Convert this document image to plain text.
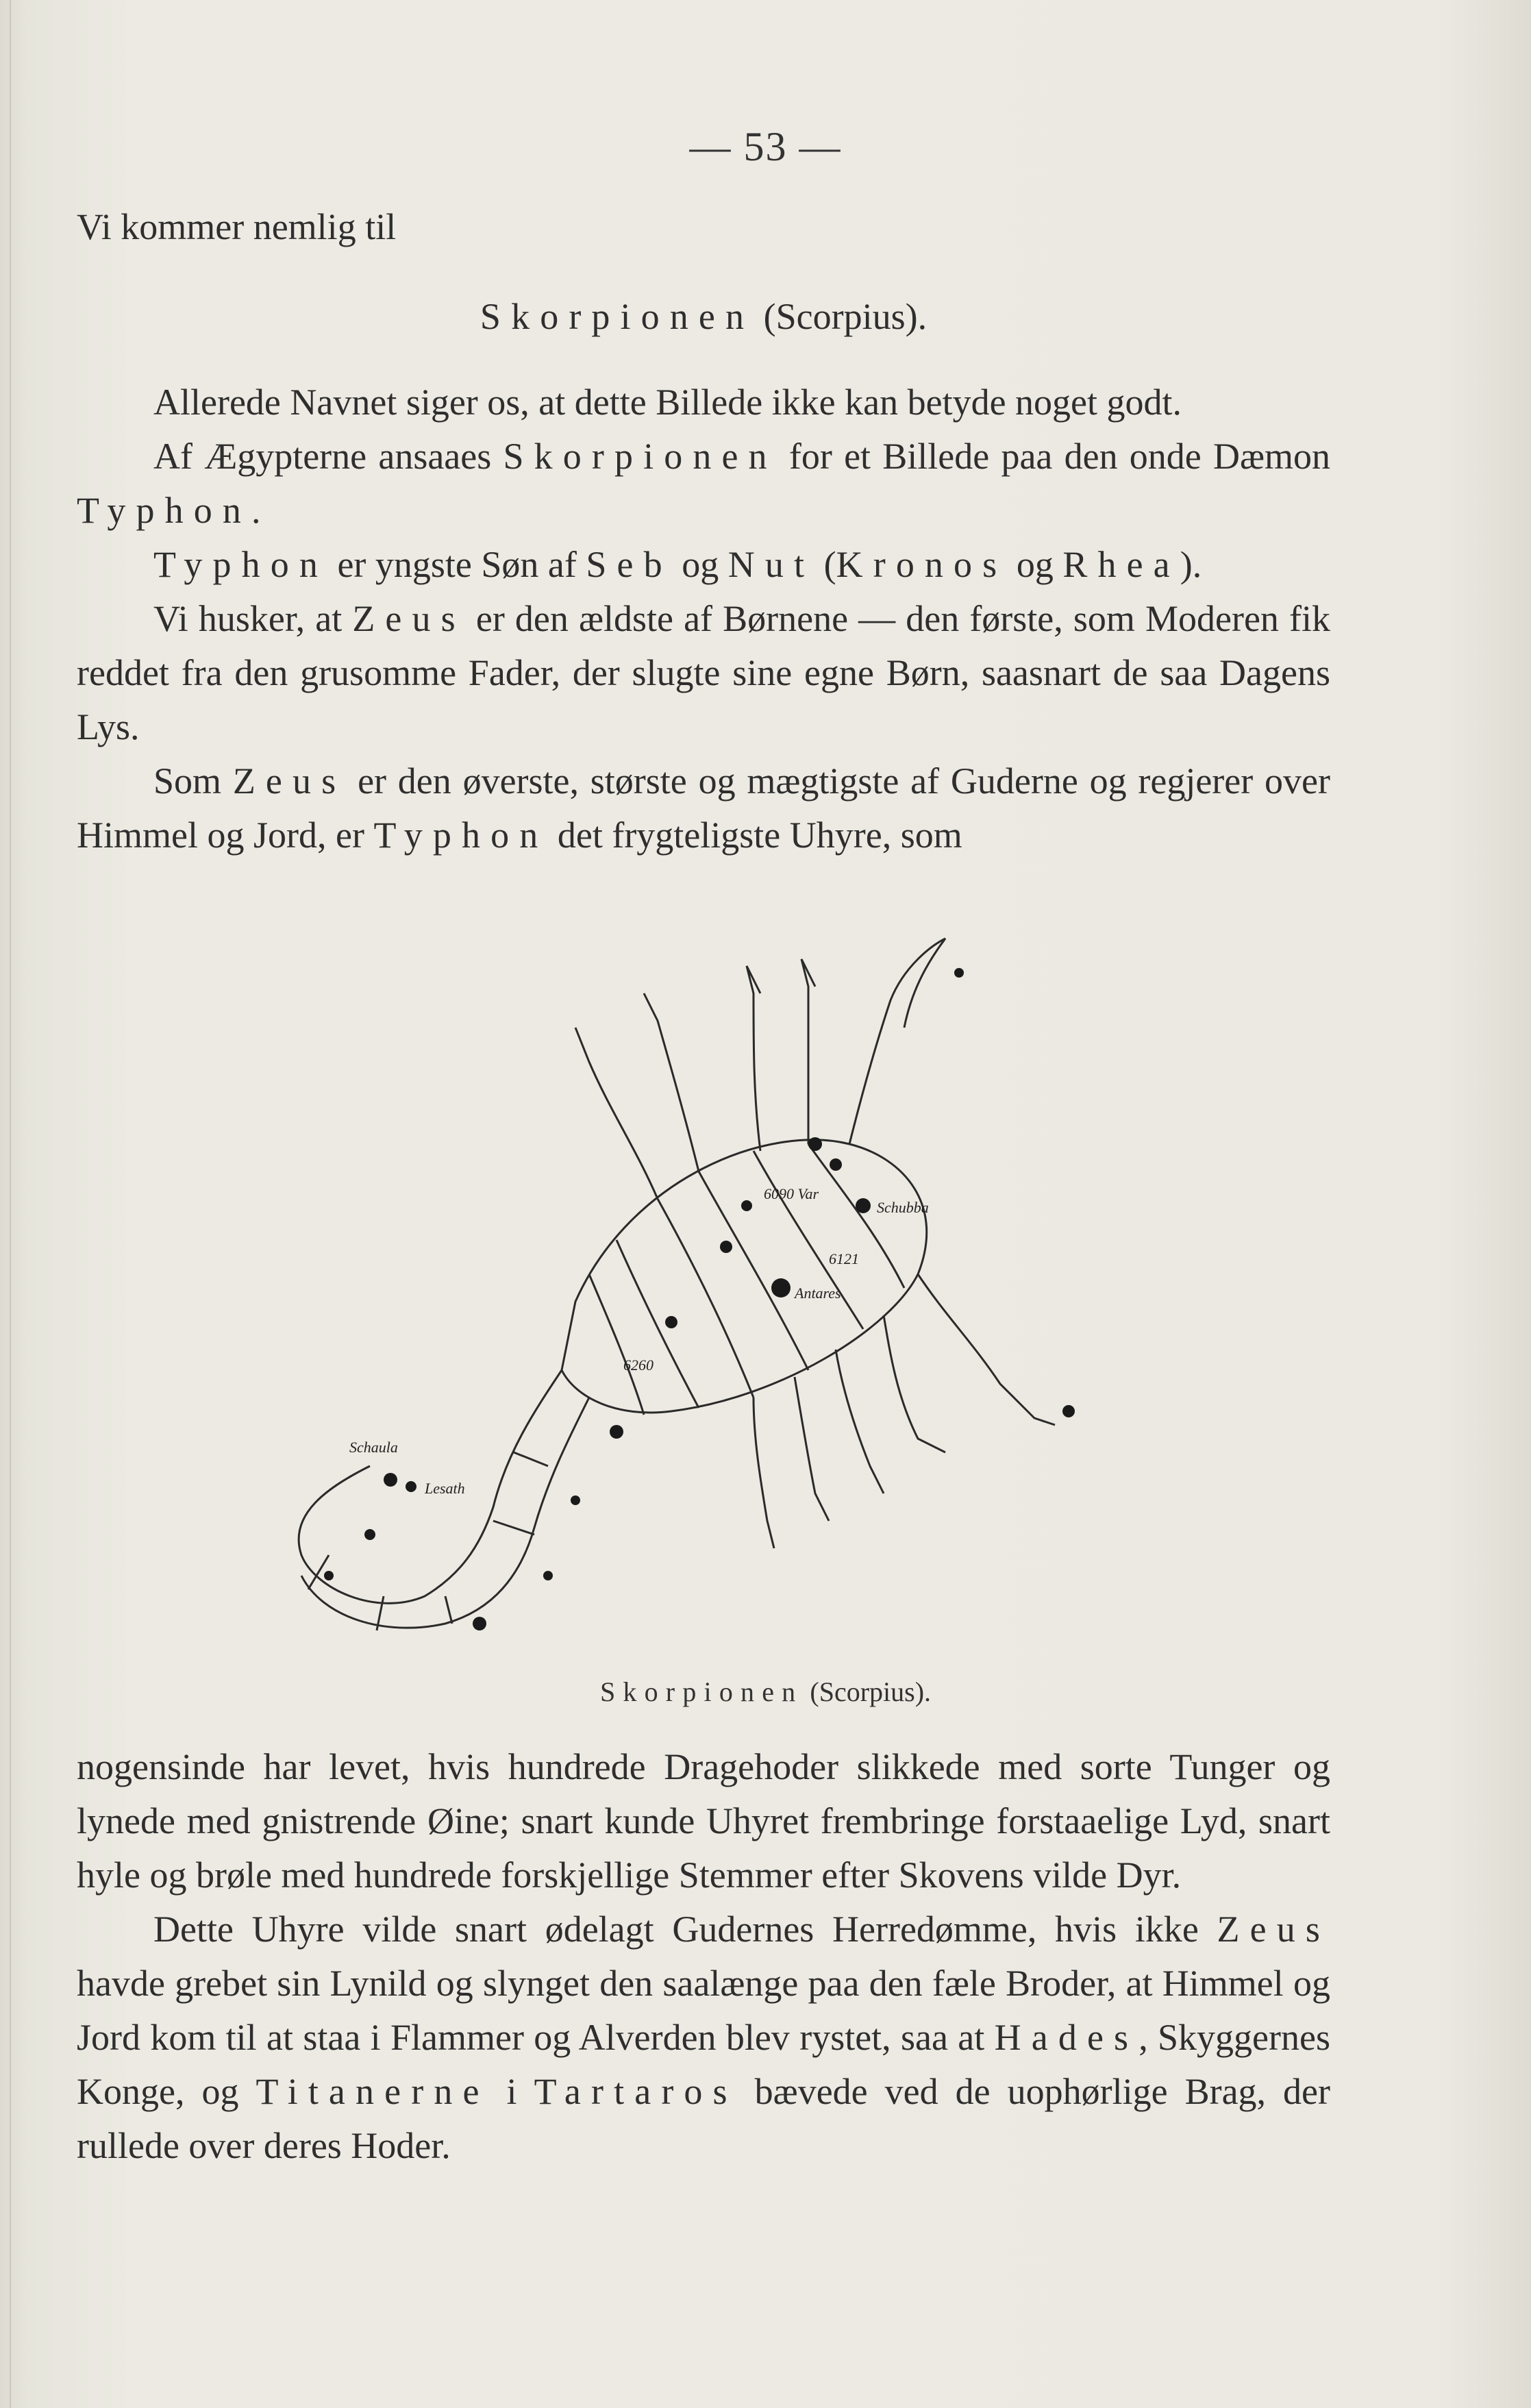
— 53 —

Vi kommer nemlig til

Skorpionen (Scorpius).

Allerede Navnet siger os, at dette Billede ikke kan betyde noget godt.

Af Ægypterne ansaaes Skorpionen for et Billede paa den onde Dæmon Typhon.

Typhon er yngste Søn af Seb og Nut (Kronos og Rhea).

Vi husker, at Zeus er den ældste af Børnene — den første, som Moderen fik reddet fra den grusomme Fader, der slugte sine egne Børn, saasnart de saa Dagens Lys.

Som Zeus er den øverste, største og mægtigste af Guderne og regjerer over Himmel og Jord, er Typhon det frygteligste Uhyre, som

Schubba
Antares
Schaula
Lesath
6260
6121
6090 Var
Skorpionen (Scorpius).

nogensinde har levet, hvis hundrede Dragehoder slikkede med sorte Tunger og lynede med gnistrende Øine; snart kunde Uhyret frembringe forstaaelige Lyd, snart hyle og brøle med hundrede forskjellige Stemmer efter Skovens vilde Dyr.

Dette Uhyre vilde snart ødelagt Gudernes Herredømme, hvis ikke Zeus havde grebet sin Lynild og slynget den saalænge paa den fæle Broder, at Himmel og Jord kom til at staa i Flammer og Alverden blev rystet, saa at Hades, Skyggernes Konge, og Titanerne i Tartaros bævede ved de uophørlige Brag, der rullede over deres Hoder.
